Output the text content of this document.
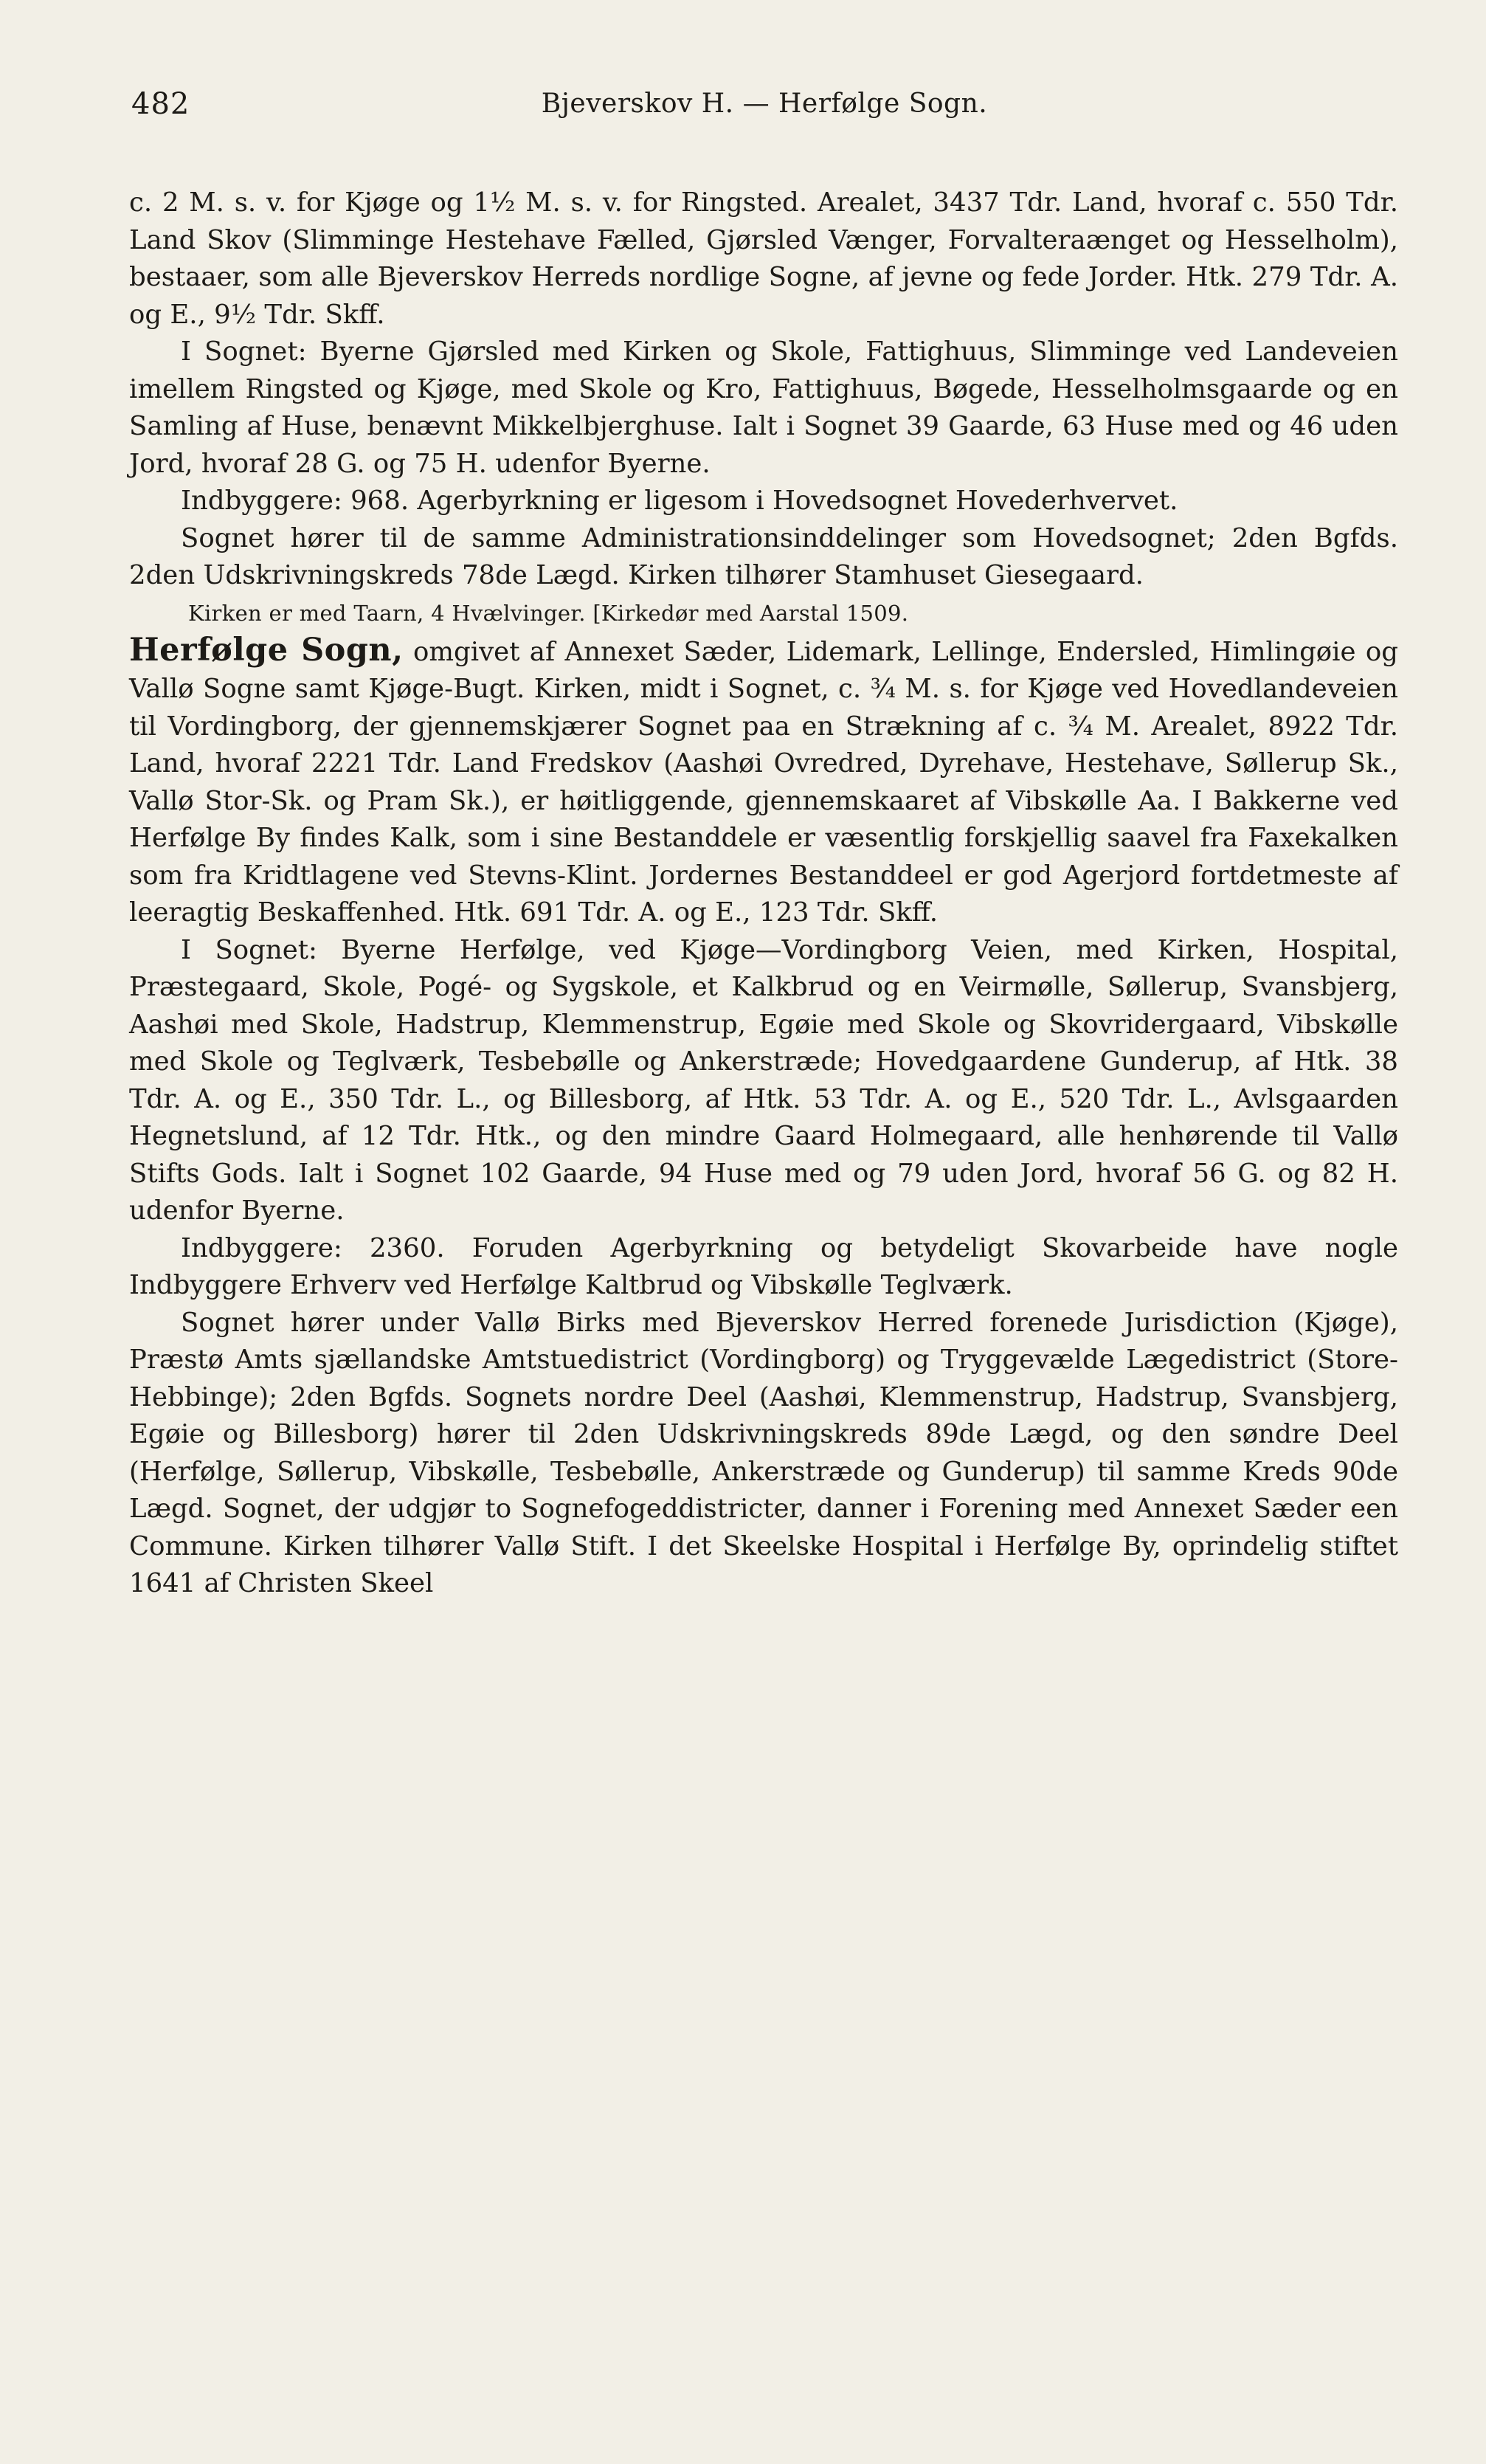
482	Bjeverskov H. — Herfølge Sogn.

c. 2 M. s. v. for Kjøge og 1½ M. s. v. for Ringsted. Arealet, 3437 Tdr. Land, hvoraf c. 550 Tdr. Land Skov (Slimminge Hestehave Fælled, Gjørsled Vænger, Forvalteraænget og Hesselholm), bestaaer, som alle Bjeverskov Herreds nordlige Sogne, af jevne og fede Jorder. Htk. 279 Tdr. A. og E., 9½ Tdr. Skff.

I Sognet: Byerne Gjørsled med Kirken og Skole, Fattighuus, Slimminge ved Landeveien imellem Ringsted og Kjøge, med Skole og Kro, Fattighuus, Bøgede, Hesselholmsgaarde og en Samling af Huse, benævnt Mikkelbjerghuse. Ialt i Sognet 39 Gaarde, 63 Huse med og 46 uden Jord, hvoraf 28 G. og 75 H. udenfor Byerne.

Indbyggere: 968. Agerbyrkning er ligesom i Hovedsognet Hovederhvervet.

Sognet hører til de samme Administrationsinddelinger som Hovedsognet; 2den Bgfds. 2den Udskrivningskreds 78de Lægd. Kirken tilhører Stamhuset Giesegaard.

Kirken er med Taarn, 4 Hvælvinger. [Kirkedør med Aarstal 1509.

Herfølge Sogn, omgivet af Annexet Sæder, Lidemark, Lellinge, Endersled, Himlingøie og Vallø Sogne samt Kjøge-Bugt. Kirken, midt i Sognet, c. ¾ M. s. for Kjøge ved Hovedlandeveien til Vordingborg, der gjennemskjærer Sognet paa en Strækning af c. ¾ M. Arealet, 8922 Tdr. Land, hvoraf 2221 Tdr. Land Fredskov (Aashøi Ovredred, Dyrehave, Hestehave, Søllerup Sk., Vallø Stor-Sk. og Pram Sk.), er høitliggende, gjennemskaaret af Vibskølle Aa. I Bakkerne ved Herfølge By findes Kalk, som i sine Bestanddele er væsentlig forskjellig saavel fra Faxekalken som fra Kridtlagene ved Stevns-Klint. Jordernes Bestanddeel er god Agerjord fortdetmeste af leeragtig Beskaffenhed. Htk. 691 Tdr. A. og E., 123 Tdr. Skff.

I Sognet: Byerne Herfølge, ved Kjøge—Vordingborg Veien, med Kirken, Hospital, Præstegaard, Skole, Pogé- og Sygskole, et Kalkbrud og en Veirmølle, Søllerup, Svansbjerg, Aashøi med Skole, Hadstrup, Klemmenstrup, Egøie med Skole og Skovridergaard, Vibskølle med Skole og Teglværk, Tesbebølle og Ankerstræde; Hovedgaardene Gunderup, af Htk. 38 Tdr. A. og E., 350 Tdr. L., og Billesborg, af Htk. 53 Tdr. A. og E., 520 Tdr. L., Avlsgaarden Hegnetslund, af 12 Tdr. Htk., og den mindre Gaard Holmegaard, alle henhørende til Vallø Stifts Gods. Ialt i Sognet 102 Gaarde, 94 Huse med og 79 uden Jord, hvoraf 56 G. og 82 H. udenfor Byerne.

Indbyggere: 2360. Foruden Agerbyrkning og betydeligt Skovarbeide have nogle Indbyggere Erhverv ved Herfølge Kaltbrud og Vibskølle Teglværk.

Sognet hører under Vallø Birks med Bjeverskov Herred forenede Jurisdiction (Kjøge), Præstø Amts sjællandske Amtstuedistrict (Vordingborg) og Tryggevælde Lægedistrict (Store-Hebbinge); 2den Bgfds. Sognets nordre Deel (Aashøi, Klemmenstrup, Hadstrup, Svansbjerg, Egøie og Billesborg) hører til 2den Udskrivningskreds 89de Lægd, og den søndre Deel (Herfølge, Søllerup, Vibskølle, Tesbebølle, Ankerstræde og Gunderup) til samme Kreds 90de Lægd. Sognet, der udgjør to Sognefogeddistricter, danner i Forening med Annexet Sæder een Commune. Kirken tilhører Vallø Stift. I det Skeelske Hospital i Herfølge By, oprindelig stiftet 1641 af Christen Skeel
